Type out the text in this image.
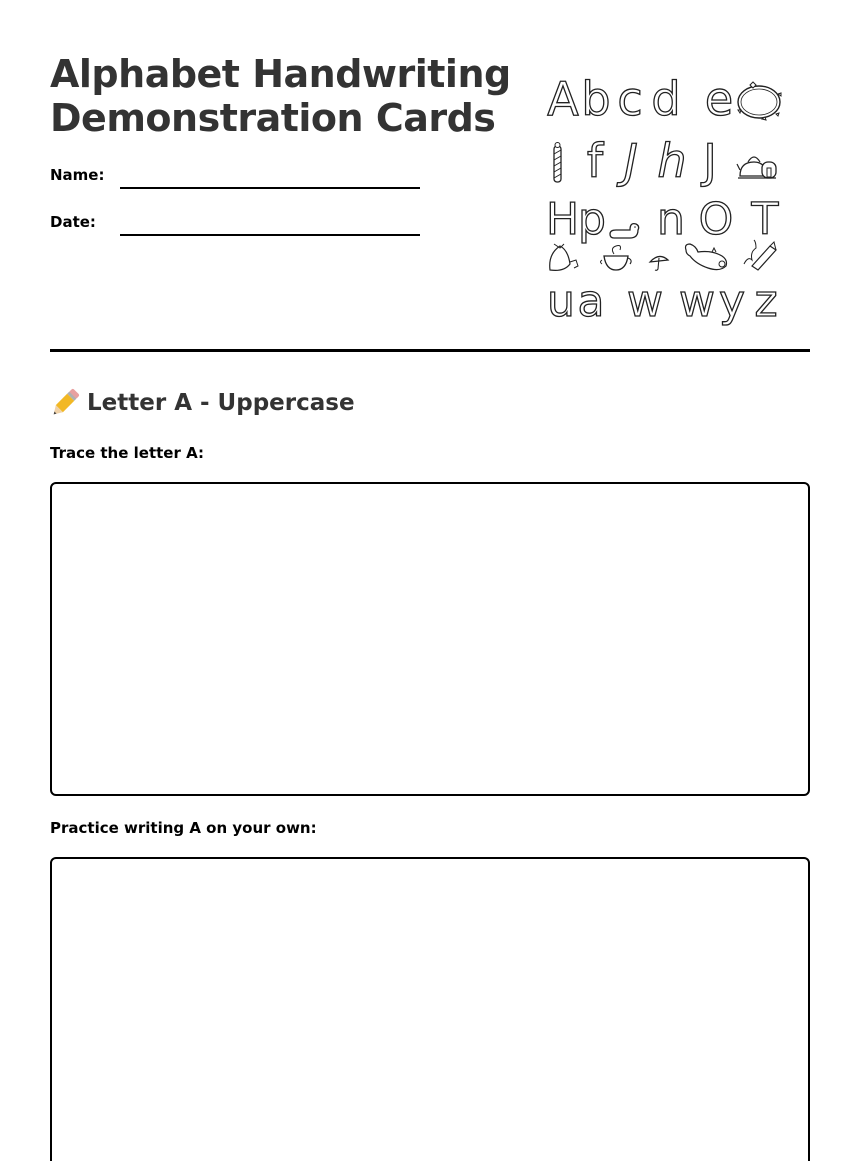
Alphabet Handwriting
Demonstration Cards
Name:
Date:
A b c d e
f J h J
H
p n O T
u a w w y z
Letter A - Uppercase
Trace the letter A:
Practice writing A on your own:
